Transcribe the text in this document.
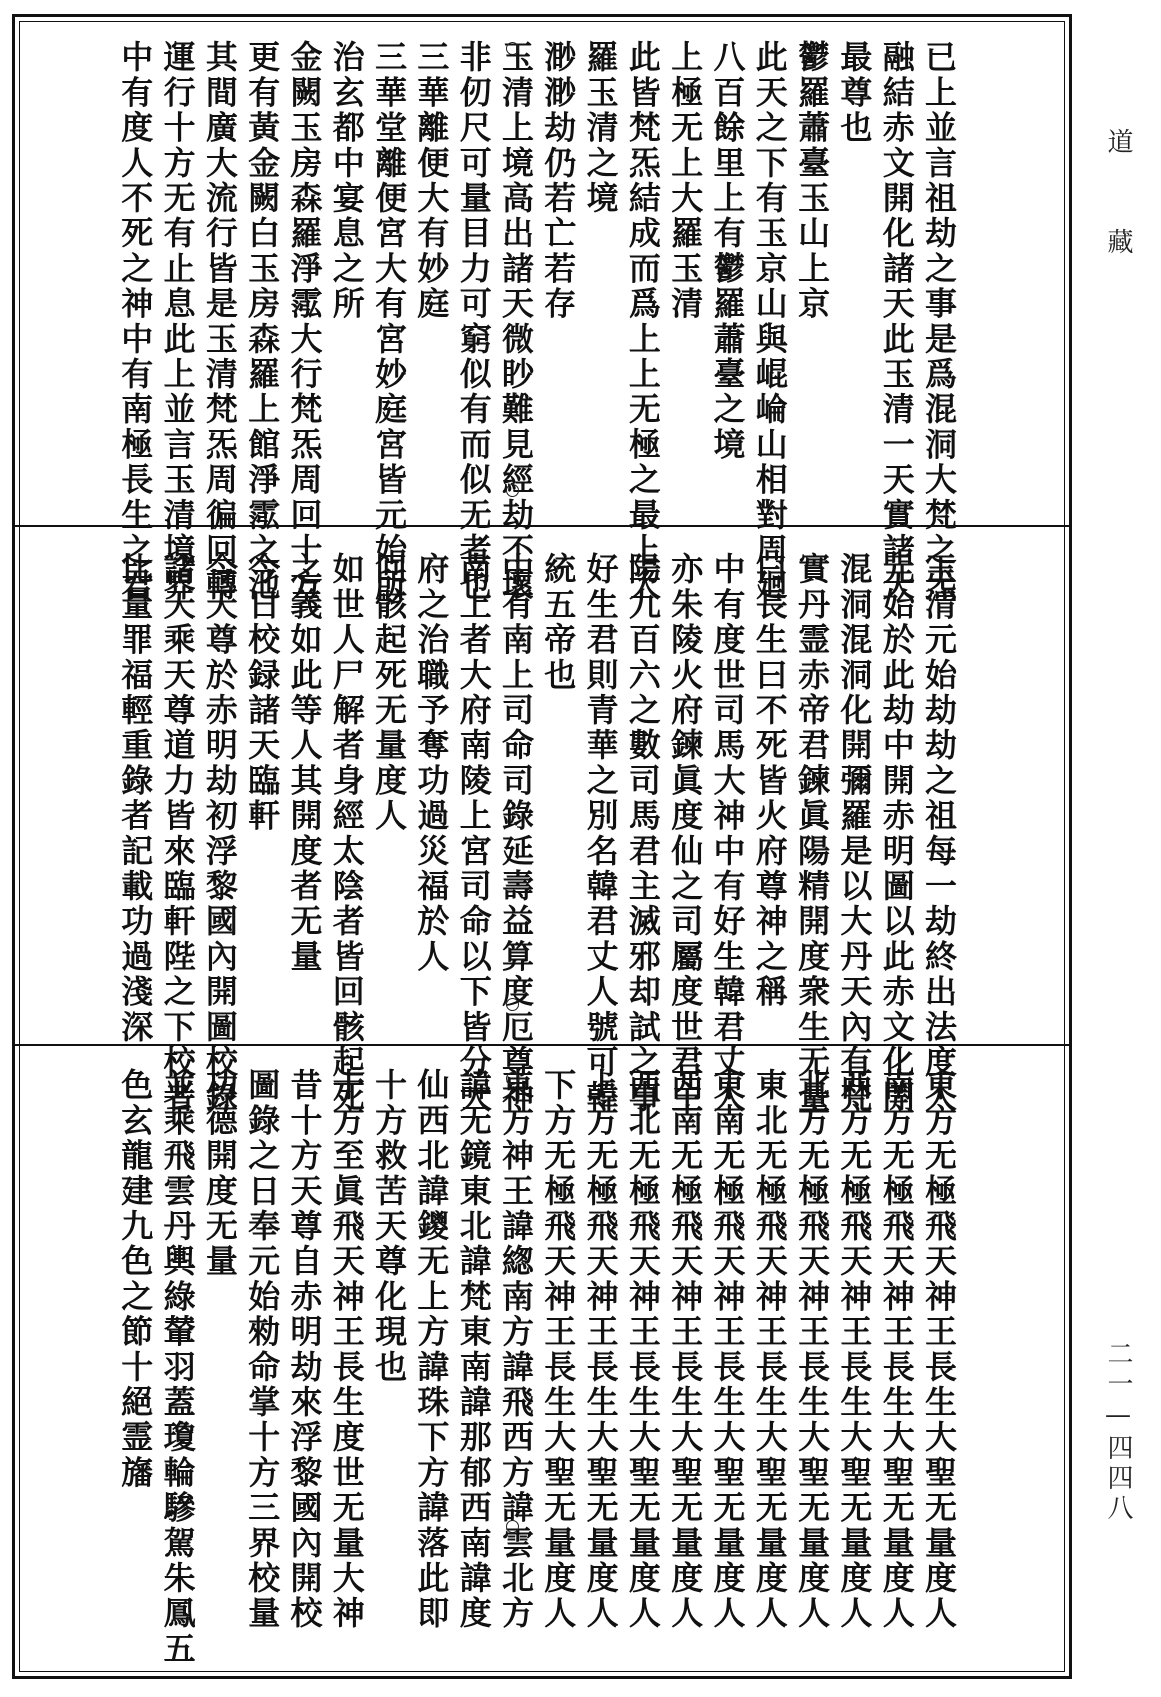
已上並言祖劫之事是爲混洞大梵之炁
融結赤文開化諸天此玉清一天實諸天
最尊也
鬱羅蕭臺玉山上京
此天之下有玉京山與崐崘山相對周廻
八百餘里上有鬱羅蕭臺之境
上極无上大羅玉清
此皆梵炁結成而爲上上无極之最上大
羅玉清之境
渺渺劫仍若亡若存
玉清上境高出諸天微眇難見經劫不壞
非仞尺可量目力可窮似有而似无者也
三華離便大有妙庭
三華堂離便宮大有宮妙庭宮皆元始所
治玄都中宴息之所
金闕玉房森羅淨霐大行梵炁周回十方
更有黃金闕白玉房森羅上館淨霐之池
其間廣大流行皆是玉清梵炁周徧回轉
運行十方无有止息此上並言玉清境界
中有度人不死之神中有南極長生之君
玉清元始劫劫之祖每一劫終出法度人
元始於此劫中開赤明圖以此赤文化開
混洞混洞化開彌羅是以大丹天內有梵
實丹霊赤帝君鍊眞陽精開度衆生无量
曰長生曰不死皆火府尊神之稱
中有度世司馬大神中有好生韓君丈人
亦朱陵火府鍊眞度仙之司屬度世君主
陽九百六之數司馬君主滅邪却試之事
好生君則青華之別名韓君丈人號可韓
統五帝也
中有南上司命司錄延壽益算度厄尊神
南上者大府南陵上宮司命以下皆分大
府之治職予奪功過災福於人
回骸起死无量度人
如世人尸解者身經太陰者皆回骸起死
之義如此等人其開度者无量
今日校録諸天臨軒
今天尊於赤明劫初浮黎國內開圖校錄
諸天乘天尊道力皆來臨軒陛之下校者
比量罪福輕重錄者記載功過淺深
東方无極飛天神王長生大聖无量度人
南方无極飛天神王長生大聖无量度人
西方无極飛天神王長生大聖无量度人
北方无極飛天神王長生大聖无量度人
東北无極飛天神王長生大聖无量度人
東南无極飛天神王長生大聖无量度人
西南无極飛天神王長生大聖无量度人
西北无極飛天神王長生大聖无量度人
上方无極飛天神王長生大聖无量度人
下方无極飛天神王長生大聖无量度人
東方神王諱緫南方諱飛西方諱雲北方
諱无鏡東北諱梵東南諱那郁西南諱度
仙西北諱鑁无上方諱珠下方諱落此即
十方救苦天尊化現也
十方至眞飛天神王長生度世无量大神
昔十方天尊自赤明劫來浮黎國內開校
圖錄之日奉元始勑命掌十方三界校量
功德開度无量
並乘飛雲丹輿綠輦羽蓋瓊輪驂駕朱鳳五
色玄龍建九色之節十絕霊旛
道
藏
二一—四四八
